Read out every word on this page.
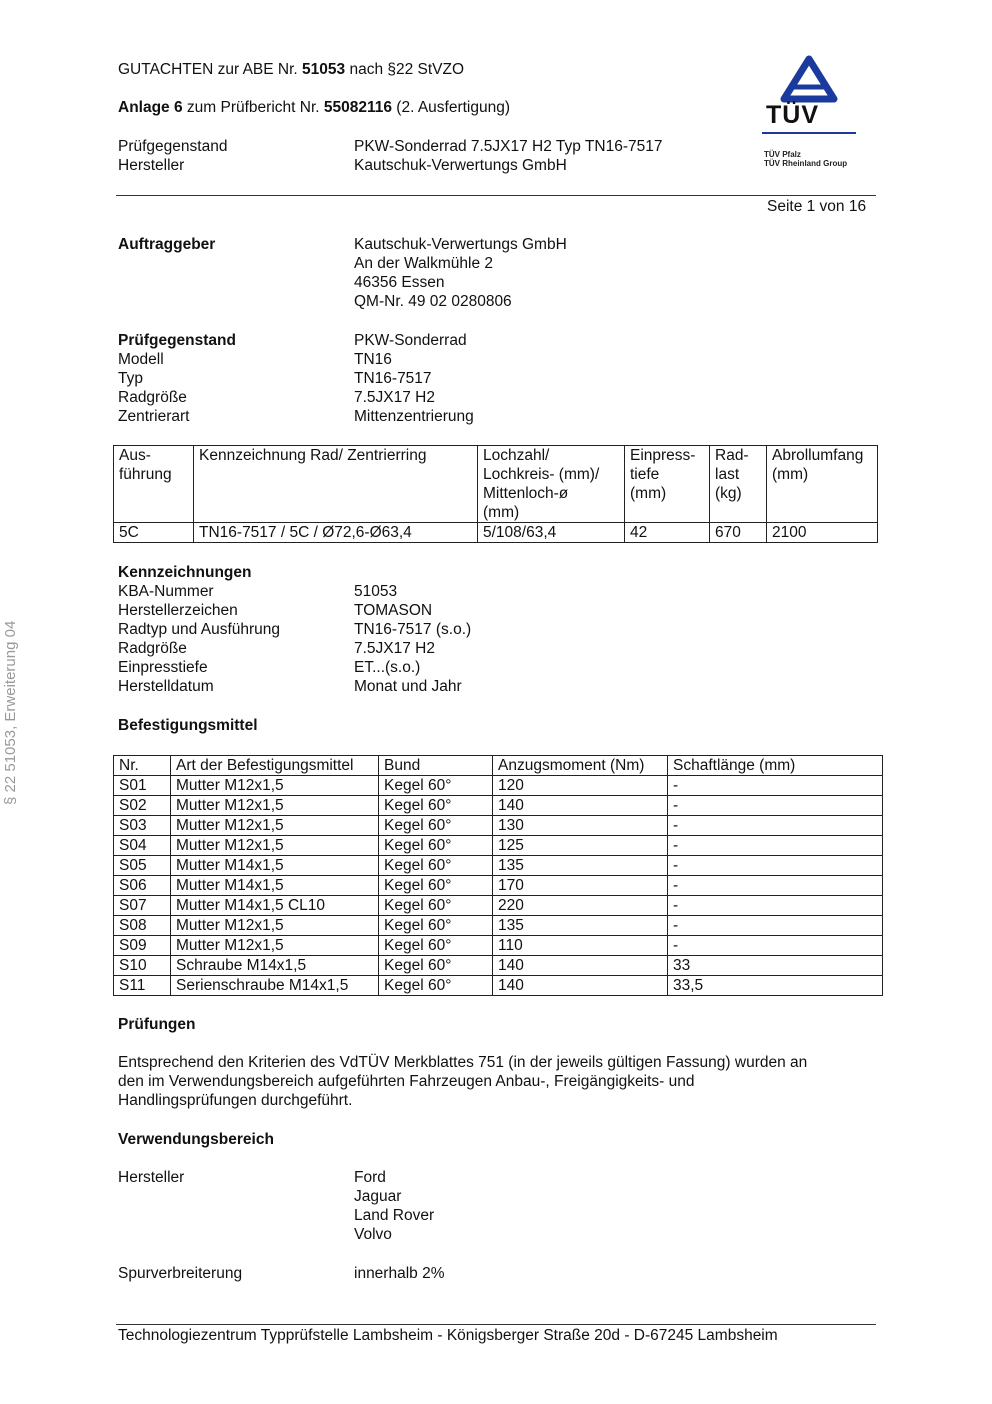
GUTACHTEN zur ABE Nr. 51053 nach §22 StVZO
Anlage 6 zum Prüfbericht Nr. 55082116 (2. Ausfertigung)
Prüfgegenstand	PKW-Sonderrad 7.5JX17 H2 Typ TN16-7517
Hersteller	Kautschuk-Verwertungs GmbH
TÜV
TÜV Pfalz
TÜV Rheinland Group
Seite 1 von 16
Auftraggeber	Kautschuk-Verwertungs GmbH
An der Walkmühle 2
46356 Essen
QM-Nr. 49 02 0280806
Prüfgegenstand	PKW-Sonderrad
Modell	TN16
Typ	TN16-7517
Radgröße	7.5JX17 H2
Zentrierart	Mittenzentrierung
Aus-
führung	Kennzeichnung Rad/ Zentrierring	Lochzahl/
Lochkreis- (mm)/
Mittenloch-ø
(mm)	Einpress-
tiefe
(mm)	Rad-
last
(kg)	Abrollumfang
(mm)
5C	TN16-7517 / 5C / Ø72,6-Ø63,4	5/108/63,4	42	670	2100
Kennzeichnungen
KBA-Nummer	51053
Herstellerzeichen	TOMASON
Radtyp und Ausführung	TN16-7517 (s.o.)
Radgröße	7.5JX17 H2
Einpresstiefe	ET...(s.o.)
Herstelldatum	Monat und Jahr
Befestigungsmittel
Nr.	Art der Befestigungsmittel	Bund	Anzugsmoment (Nm)	Schaftlänge (mm)
S01	Mutter M12x1,5	Kegel 60°	120	-
S02	Mutter M12x1,5	Kegel 60°	140	-
S03	Mutter M12x1,5	Kegel 60°	130	-
S04	Mutter M12x1,5	Kegel 60°	125	-
S05	Mutter M14x1,5	Kegel 60°	135	-
S06	Mutter M14x1,5	Kegel 60°	170	-
S07	Mutter M14x1,5 CL10	Kegel 60°	220	-
S08	Mutter M12x1,5	Kegel 60°	135	-
S09	Mutter M12x1,5	Kegel 60°	110	-
S10	Schraube M14x1,5	Kegel 60°	140	33
S11	Serienschraube M14x1,5	Kegel 60°	140	33,5
Prüfungen
Entsprechend den Kriterien des VdTÜV Merkblattes 751 (in der jeweils gültigen Fassung) wurden an
den im Verwendungsbereich aufgeführten Fahrzeugen Anbau-, Freigängigkeits- und
Handlingsprüfungen durchgeführt.
Verwendungsbereich
Hersteller	Ford
Jaguar
Land Rover
Volvo
Spurverbreiterung	innerhalb 2%
§ 22 51053, Erweiterung 04
Technologiezentrum Typprüfstelle Lambsheim - Königsberger Straße 20d - D-67245 Lambsheim
